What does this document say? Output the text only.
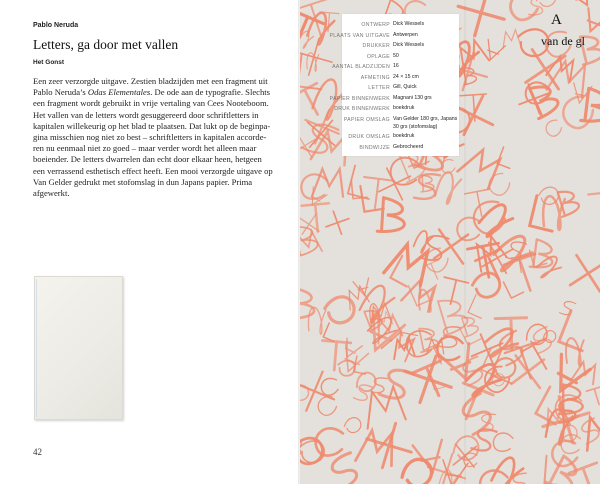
Pablo Neruda
Letters, ga door met vallen
Het Gonst
Een zeer verzorgde uitgave. Zestien bladzijden met een fragment uit
Pablo Neruda’s Odas Elementales. De ode aan de typografie. Slechts
een fragment wordt gebruikt in vrije vertaling van Cees Nooteboom.
Het vallen van de letters wordt gesuggereerd door schriftletters in
kapitalen willekeurig op het blad te plaatsen. Dat lukt op de beginpa-
gina misschien nog niet zo best – schriftletters in kapitalen accorde-
ren nu eenmaal niet zo goed – maar verder wordt het alleen maar
boeiender. De letters dwarrelen dan echt door elkaar heen, hetgeen
een verrassend esthetisch effect heeft. Een mooi verzorgde uitgave op
Van Gelder gedrukt met stofomslag in dun Japans papier. Prima
afgewerkt.
42
ONTWERP Dick Wessels
PLAATS VAN UITGAVE Antwerpen
DRUKKER Dick Wessels
OPLAGE 50
AANTAL BLADZIJDEN 16
AFMETING 24 × 15 cm
LETTER Gill, Quick
PAPIER BINNENWERK Magnani 130 grs
DRUK BINNENWERK boekdruk
PAPIER OMSLAG Van Gelder 180 grs, Japans
30 grs (stofomslag)
DRUK OMSLAG boekdruk
BINDWIJZE Gebrocheerd
A
van de gl
